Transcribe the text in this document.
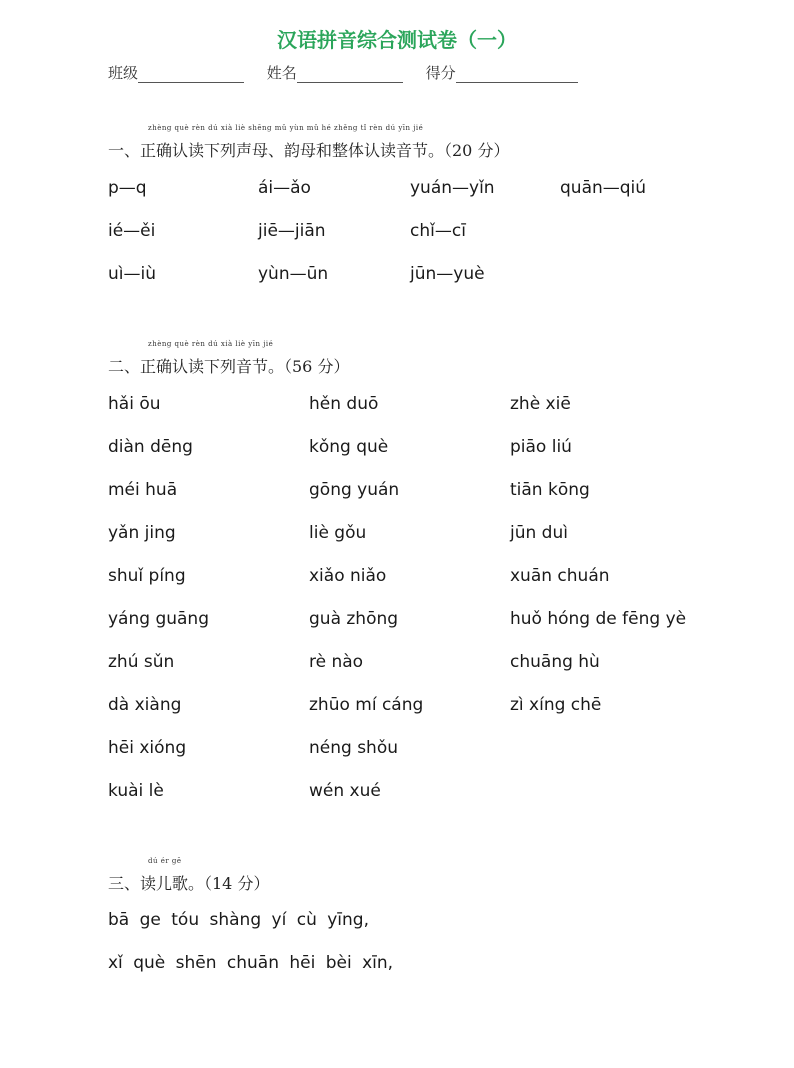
汉语拼音综合测试卷（一）
班级	姓名	得分
zhèng què rèn dú xià liè shēng mǔ yùn mǔ hé zhěng tǐ rèn dú yīn jié
一、正确认读下列声母、韵母和整体认读音节。（20 分）
p—q	ái—ǎo	yuán—yǐn	quān—qiú
ié—ěi	jiē—jiān	chǐ—cī
uì—iù	yùn—ūn	jūn—yuè
zhèng què rèn dú xià liè yīn jié
二、正确认读下列音节。（56 分）
hǎi ōu	hěn duō	zhè xiē
diàn dēng	kǒng què	piāo liú
méi huā	gōng yuán	tiān kōng
yǎn jing	liè gǒu	jūn duì
shuǐ píng	xiǎo niǎo	xuān chuán
yáng guāng	guà zhōng	huǒ hóng de fēng yè
zhú sǔn	rè nào	chuāng hù
dà xiàng	zhūo mí cáng	zì xíng chē
hēi xióng	néng shǒu
kuài lè	wén xué
dú ér gē
三、读儿歌。（14 分）
bā ge tóu shàng yí cù yīng,
xǐ què shēn chuān hēi bèi xīn,
